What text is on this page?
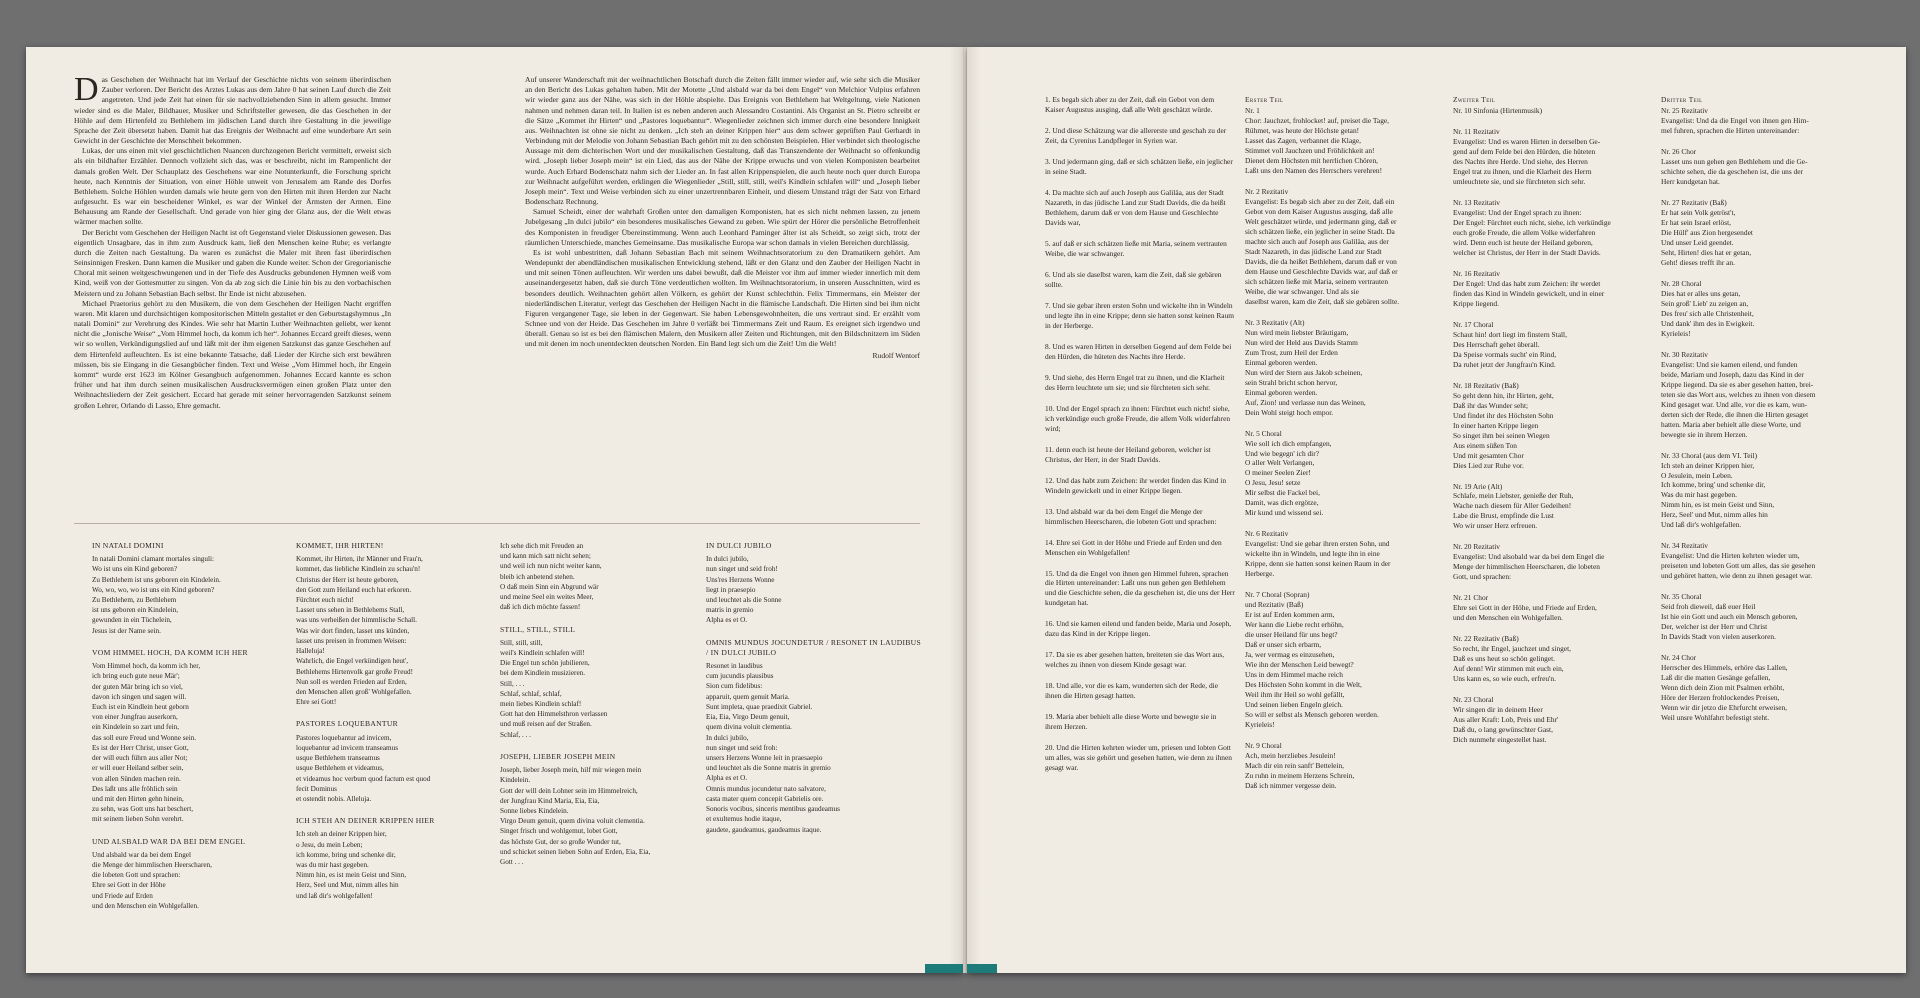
D as Geschehen der Weihnacht hat im Verlauf der Geschichte nichts von seinem überirdischen Zauber verloren. Der Bericht des Arztes Lukas aus dem Jahre 0 hat seinen Lauf durch die Zeit angetreten. Und jede Zeit hat einen für sie nachvollziehenden Sinn in allem gesucht. Immer wieder sind es die Maler, Bildhauer, Musiker und Schriftsteller gewesen, die das Geschehen in der Höhle auf dem Hirtenfeld zu Bethlehem im jüdischen Land durch ihre Gestaltung in die jeweilige Sprache der Zeit übersetzt haben. Damit hat das Ereignis der Weihnacht auf eine wunderbare Art sein Gewicht in der Geschichte der Menschheit bekommen.

Lukas, der uns einen mit viel geschichtlichen Nuancen durchzogenen Bericht vermittelt, erweist sich als ein bildhafter Erzähler. Dennoch vollzieht sich das, was er beschreibt, nicht im Rampenlicht der damals großen Welt. Der Schauplatz des Geschehens war eine Notunterkunft, die Forschung spricht heute, nach Kenntnis der Situation, von einer Höhle unweit von Jerusalem am Rande des Dorfes Bethlehem. Solche Höhlen wurden damals wie heute gern von den Hirten mit ihren Herden zur Nacht aufgesucht. Es war ein bescheidener Winkel, es war der Winkel der Ärmsten der Armen. Eine Behausung am Rande der Gesellschaft. Und gerade von hier ging der Glanz aus, der die Welt etwas wärmer machen sollte.

Der Bericht vom Geschehen der Heiligen Nacht ist oft Gegenstand vieler Diskussionen gewesen. Das eigentlich Unsagbare, das in ihm zum Ausdruck kam, ließ den Menschen keine Ruhe; es verlangte durch die Zeiten nach Gestaltung. Da waren es zunächst die Maler mit ihren fast überirdischen Seinsinnigen Fresken. Dann kamen die Musiker und gaben die Kunde weiter. Schon der Gregorianische Choral mit seinen weitgeschwungenen und in der Tiefe des Ausdrucks gebundenen Hymnen weiß vom Kind, weiß von der Gottesmutter zu singen. Von da ab zog sich die Linie hin bis zu den vorbachischen Meistern und zu Johann Sebastian Bach selbst. Ihr Ende ist nicht abzusehen.

Michael Praetorius gehört zu den Musikern, die von dem Geschehen der Heiligen Nacht ergriffen waren. Mit klaren und durchsichtigen kompositorischen Mitteln gestaltet er den Geburtstagshymnus „In natali Domini“ zur Verehrung des Kindes. Wie sehr hat Martin Luther Weihnachten geliebt, wer kennt nicht die „Jonische Weise“ „Vom Himmel hoch, da komm ich her“. Johannes Eccard greift dieses, wenn wir so wollen, Verkündigungslied auf und läßt mit der ihm eigenen Satzkunst das ganze Geschehen auf dem Hirtenfeld aufleuchten. Es ist eine bekannte Tatsache, daß Lieder der Kirche sich erst bewähren müssen, bis sie Eingang in die Gesangbücher finden. Text und Weise „Vom Himmel hoch, ihr Engein kommt“ wurde erst 1623 im Kölner Gesangbuch aufgenommen. Johannes Eccard kannte es schon früher und hat ihm durch seinen musikalischen Ausdrucksvermögen einen großen Platz unter den Weihnachtsliedern der Zeit gesichert. Eccard hat gerade mit seiner hervorragenden Satzkunst seinem großen Lehrer, Orlando di Lasso, Ehre gemacht.

Auf unserer Wanderschaft mit der weihnachtlichen Botschaft durch die Zeiten fällt immer wieder auf, wie sehr sich die Musiker an den Bericht des Lukas gehalten haben. Mit der Motette „Und alsbald war da bei dem Engel“ von Melchior Vulpius erfahren wir wieder ganz aus der Nähe, was sich in der Höhle abspielte. Das Ereignis von Bethlehem hat Weltgeltung, viele Nationen nahmen und nehmen daran teil. In Italien ist es neben anderen auch Alessandro Costantini. Als Organist an St. Pietro schreibt er die Sätze „Kommet ihr Hirten“ und „Pastores loquebantur“. Wiegenlieder zeichnen sich immer durch eine besondere Innigkeit aus. Weihnachten ist ohne sie nicht zu denken. „Ich steh an deiner Krippen hier“ aus dem schwer geprüften Paul Gerhardt in Verbindung mit der Melodie von Johann Sebastian Bach gehört mit zu den schönsten Beispielen. Hier verbindet sich theologische Aussage mit dem dichterischen Wort und der musikalischen Gestaltung, daß das Transzendente der Weihnacht so offenkundig wird. „Joseph lieber Joseph mein“ ist ein Lied, das aus der Nähe der Krippe erwuchs und von vielen Komponisten bearbeitet wurde. Auch Erhard Bodenschatz nahm sich der Lieder an. In fast allen Krippenspielen, die auch heute noch quer durch Europa zur Weihnacht aufgeführt werden, erklingen die Wiegenlieder „Still, still, still, weil's Kindlein schlafen will“ und „Joseph lieber Joseph mein“. Text und Weise verbinden sich zu einer unzertrennbaren Einheit, und diesem Umstand trägt der Satz von Erhard Bodenschatz Rechnung.

Samuel Scheidt, einer der wahrhaft Großen unter den damaligen Komponisten, hat es sich nicht nehmen lassen, zu jenem Jubelgesang „In dulci jubilo“ ein besonderes musikalisches Gewand zu geben. Wie spürt der Hörer die persönliche Betroffenheit des Komponisten in freudiger Übereinstimmung. Wenn auch Leonhard Paminger älter ist als Scheidt, so zeigt sich, trotz der räumlichen Unterschiede, manches Gemeinsame. Das musikalische Europa war schon damals in vielen Bereichen durchlässig.

Es ist wohl unbestritten, daß Johann Sebastian Bach mit seinem Weihnachtsoratorium zu den Dramatikern gehört. Am Wendepunkt der abendländischen musikalischen Entwicklung stehend, läßt er den Glanz und den Zauber der Heiligen Nacht in und mit seinen Tönen aufleuchten. Wir werden uns dabei bewußt, daß die Meister vor ihm auf immer wieder innerlich mit dem auseinandergesetzt haben, daß sie durch Töne verdeutlichen wollten. Im Weihnachtsoratorium, in unseren Ausschnitten, wird es besonders deutlich. Weihnachten gehört allen Völkern, es gehört der Kunst schlechthin. Felix Timmermans, ein Meister der niederländischen Literatur, verlegt das Geschehen der Heiligen Nacht in die flämische Landschaft. Die Hirten sind bei ihm nicht Figuren vergangener Tage, sie leben in der Gegenwart. Sie haben Lebensgewohnheiten, die uns vertraut sind. Er erzählt vom Schnee und von der Heide. Das Geschehen im Jahre 0 verläßt bei Timmermans Zeit und Raum. Es ereignet sich irgendwo und überall. Genau so ist es bei den flämischen Malern, den Musikern aller Zeiten und Richtungen, mit den Bildschnitzern im Süden und mit denen im noch unentdeckten deutschen Norden. Ein Band legt sich um die Zeit! Um die Welt!

Rudolf Wentorf
IN NATALI DOMINI
In natali Domini clamant mortales singuli:
Wo ist uns ein Kind geboren?
Zu Bethlehem ist uns geboren ein Kindelein.
Wo, wo, wo, wo ist uns ein Kind geboren?
Zu Bethlehem, zu Bethlehem
ist uns geboren ein Kindelein,
gewunden in ein Tüchelein,
Jesus ist der Name sein.
VOM HIMMEL HOCH, DA KOMM ICH HER
Vom Himmel hoch, da komm ich her,
ich bring euch gute neue Mär';
der guten Mär bring ich so viel,
davon ich singen und sagen will.
Euch ist ein Kindlein heut geborn
von einer Jungfrau auserkorn,
ein Kindelein so zart und fein,
das soll eure Freud und Wonne sein.
Es ist der Herr Christ, unser Gott,
der will euch führn aus aller Not;
er will euer Heiland selber sein,
von allen Sünden machen rein.
Des laßt uns alle fröhlich sein
und mit den Hirten gehn hinein,
zu sehn, was Gott uns hat beschert,
mit seinem lieben Sohn verehrt.
UND ALSBALD WAR DA BEI DEM ENGEL
Und alsbald war da bei dem Engel
die Menge der himmlischen Heerscharen,
die lobeten Gott und sprachen:
Ehre sei Gott in der Höhe
und Friede auf Erden
und den Menschen ein Wohlgefallen.
KOMMET, IHR HIRTEN!
Kommet, ihr Hirten, ihr Männer und Frau'n,
kommet, das liebliche Kindlein zu schau'n!
Christus der Herr ist heute geboren,
den Gott zum Heiland euch hat erkoren.
Fürchtet euch nicht!
Lasset uns sehen in Bethlehems Stall,
was uns verheißen der himmlische Schall.
Was wir dort finden, lasset uns künden,
lasset uns preisen in frommen Weisen:
Halleluja!
Wahrlich, die Engel verkündigen heut',
Bethlehems Hirtenvolk gar große Freud!
Nun soll es werden Frieden auf Erden,
den Menschen allen groß' Wohlgefallen.
Ehre sei Gott!
PASTORES LOQUEBANTUR
Pastores loquebantur ad invicem,
loquebantur ad invicem transeamus
usque Bethlehem transeamus
usque Bethlehem et videamus,
et videamus hoc verbum quod factum est quod
fecit Dominus
et ostendit nobis. Alleluja.
ICH STEH AN DEINER KRIPPEN HIER
Ich steh an deiner Krippen hier,
o Jesu, du mein Leben;
ich komme, bring und schenke dir,
was du mir hast gegeben.
Nimm hin, es ist mein Geist und Sinn,
Herz, Seel und Mut, nimm alles hin
und laß dir's wohlgefallen!
Ich sehe dich mit Freuden an
und kann mich satt nicht sehen;
und weil ich nun nicht weiter kann,
bleib ich anbetend stehen.
O daß mein Sinn ein Abgrund wär
und meine Seel ein weites Meer,
daß ich dich möchte fassen!
STILL, STILL, STILL
Still, still, still,
weil's Kindlein schlafen will!
Die Engel tun schön jubilieren,
bei dem Kindlein musizieren.
Still, . . .
Schlaf, schlaf, schlaf,
mein liebes Kindlein schlaf!
Gott hat den Himmelsthron verlassen
und muß reisen auf der Straßen.
Schlaf, . . .
JOSEPH, LIEBER JOSEPH MEIN
Joseph, lieber Joseph mein, hilf mir wiegen mein
Kindelein.
Gott der will dein Lohner sein im Himmelreich,
der Jungfrau Kind Maria, Eia, Eia,
Sonne liebes Kindelein.
Virgo Deum genuit, quem divina voluit clementia.
Singet frisch und wohlgemut, lobet Gott,
das höchste Gut, der so große Wunder tut,
und schicket seinen lieben Sohn auf Erden, Eia, Eia,
Gott . . .
IN DULCI JUBILO
In dulci jubilo,
nun singet und seid froh!
Uns'res Herzens Wonne
liegt in praesepio
und leuchtet als die Sonne
matris in gremio
Alpha es et O.
OMNIS MUNDUS JOCUNDETUR / RESONET IN LAUDIBUS / IN DULCI JUBILO
Resonet in laudibus
cum jucundis plausibus
Sion cum fidelibus:
apparuit, quem genuit Maria.
Sunt impleta, quae praedixit Gabriel.
Eia, Eia, Virgo Deum genuit,
quem divina voluit clementia.
In dulci jubilo,
nun singet und seid froh:
unsers Herzens Wonne leit in praesaepio
und leuchtet als die Sonne matris in gremio
Alpha es et O.
Omnis mundus jocundetur nato salvatore,
casta mater quem concepit Gabrielis ore.
Sonoris vocibus, sinceris mentibus gaudeamus
et exultemus hodie itaque,
gaudete, gaudeamus, gaudeamus itaque.
1. Es begab sich aber zu der Zeit, daß ein Gebot von dem Kaiser Augustus ausging, daß alle Welt geschätzt würde.
2. Und diese Schätzung war die allererste und geschah zu der Zeit, da Cyrenius Landpfleger in Syrien war.
3. Und jedermann ging, daß er sich schätzen ließe, ein jeglicher in seine Stadt.
4. Da machte sich auf auch Joseph aus Galiläa, aus der Stadt Nazareth, in das jüdische Land zur Stadt Davids, die da heißt Bethlehem, darum daß er von dem Hause und Geschlechte Davids war,
5. auf daß er sich schätzen ließe mit Maria, seinem vertrauten Weibe, die war schwanger.
6. Und als sie daselbst waren, kam die Zeit, daß sie gebären sollte.
7. Und sie gebar ihren ersten Sohn und wickelte ihn in Windeln und legte ihn in eine Krippe; denn sie hatten sonst keinen Raum in der Herberge.
8. Und es waren Hirten in derselben Gegend auf dem Felde bei den Hürden, die hüteten des Nachts ihre Herde.
9. Und siehe, des Herrn Engel trat zu ihnen, und die Klarheit des Herrn leuchtete um sie; und sie fürchteten sich sehr.
10. Und der Engel sprach zu ihnen: Fürchtet euch nicht! siehe, ich verkündige euch große Freude, die allem Volk widerfahren wird;
11. denn euch ist heute der Heiland geboren, welcher ist Christus, der Herr, in der Stadt Davids.
12. Und das habt zum Zeichen: ihr werdet finden das Kind in Windeln gewickelt und in einer Krippe liegen.
13. Und alsbald war da bei dem Engel die Menge der himmlischen Heerscharen, die lobeten Gott und sprachen:
14. Ehre sei Gott in der Höhe und Friede auf Erden und den Menschen ein Wohlgefallen!
15. Und da die Engel von ihnen gen Himmel fuhren, sprachen die Hirten untereinander: Laßt uns nun gehen gen Bethlehem und die Geschichte sehen, die da geschehen ist, die uns der Herr kundgetan hat.
16. Und sie kamen eilend und fanden beide, Maria und Joseph, dazu das Kind in der Krippe liegen.
17. Da sie es aber gesehen hatten, breiteten sie das Wort aus, welches zu ihnen von diesem Kinde gesagt war.
18. Und alle, vor die es kam, wunderten sich der Rede, die ihnen die Hirten gesagt hatten.
19. Maria aber behielt alle diese Worte und bewegte sie in ihrem Herzen.
20. Und die Hirten kehrten wieder um, priesen und lobten Gott um alles, was sie gehört und gesehen hatten, wie denn zu ihnen gesagt war.
Erster Teil
Nr. 1
Chor: Jauchzet, frohlocket! auf, preiset die Tage,
Rühmet, was heute der Höchste getan!
Lasset das Zagen, verbannet die Klage,
Stimmet voll Jauchzen und Fröhlichkeit an!
Dienet dem Höchsten mit herrlichen Chören,
Laßt uns den Namen des Herrschers verehren!
Nr. 2 Rezitativ
Evangelist: Es begab sich aber zu der Zeit, daß ein
Gebot von dem Kaiser Augustus ausging, daß alle
Welt geschätzet würde, und jedermann ging, daß er
sich schätzen ließe, ein jeglicher in seine Stadt. Da
machte sich auch auf Joseph aus Galiläa, aus der
Stadt Nazareth, in das jüdische Land zur Stadt
Davids, die da heißet Bethlehem, darum daß er von
dem Hause und Geschlechte Davids war, auf daß er
sich schätzen ließe mit Maria, seinem vertrauten
Weibe, die war schwanger. Und als sie
daselbst waren, kam die Zeit, daß sie gebären sollte.
Nr. 3 Rezitativ (Alt)
Nun wird mein liebster Bräutigam,
Nun wird der Held aus Davids Stamm
Zum Trost, zum Heil der Erden
Einmal geboren werden.
Nun wird der Stern aus Jakob scheinen,
sein Strahl bricht schon hervor,
Einmal geboren werden.
Auf, Zion! und verlasse nun das Weinen,
Dein Wohl steigt hoch empor.
Nr. 5 Choral
Wie soll ich dich empfangen,
Und wie begegn' ich dir?
O aller Welt Verlangen,
O meiner Seelen Zier!
O Jesu, Jesu! setze
Mir selbst die Fackel bei,
Damit, was dich ergötze,
Mir kund und wissend sei.
Nr. 6 Rezitativ
Evangelist: Und sie gebar ihren ersten Sohn, und
wickelte ihn in Windeln, und legte ihn in eine
Krippe, denn sie hatten sonst keinen Raum in der
Herberge.
Nr. 7 Choral (Sopran)
und Rezitativ (Baß)
Er ist auf Erden kommen arm,
Wer kann die Liebe recht erhöhn,
die unser Heiland für uns hegt?
Daß er unser sich erbarm,
Ja, wer vermag es einzusehen,
Wie ihn der Menschen Leid bewegt?
Uns in dem Himmel mache reich
Des Höchsten Sohn kommt in die Welt,
Weil ihm ihr Heil so wohl gefällt,
Und seinen lieben Engeln gleich.
So will er selbst als Mensch geboren werden.
Kyrieleis!
Nr. 9 Choral
Ach, mein herzliebes Jesulein!
Mach dir ein rein sanft' Bettelein,
Zu ruhn in meinem Herzens Schrein,
Daß ich nimmer vergesse dein.
Zweiter Teil
Nr. 10 Sinfonia (Hirtenmusik)
Nr. 11 Rezitativ
Evangelist: Und es waren Hirten in derselben Ge-
gend auf dem Felde bei den Hürden, die hüteten
des Nachts ihre Herde. Und siehe, des Herren
Engel trat zu ihnen, und die Klarheit des Herrn
umleuchtete sie, und sie fürchteten sich sehr.
Nr. 13 Rezitativ
Evangelist: Und der Engel sprach zu ihnen:
Der Engel: Fürchtet euch nicht, siehe, ich verkündige
euch große Freude, die allem Volke widerfahren
wird. Denn euch ist heute der Heiland geboren,
welcher ist Christus, der Herr in der Stadt Davids.
Nr. 16 Rezitativ
Der Engel: Und das habt zum Zeichen: ihr werdet
finden das Kind in Windeln gewickelt, und in einer
Krippe liegend.
Nr. 17 Choral
Schaut hin! dort liegt im finstern Stall,
Des Herrschaft gehet überall.
Da Speise vormals sucht' ein Rind,
Da ruhet jetzt der Jungfrau'n Kind.
Nr. 18 Rezitativ (Baß)
So geht denn hin, ihr Hirten, geht,
Daß ihr das Wunder seht;
Und findet ihr des Höchsten Sohn
In einer harten Krippe liegen
So singet ihm bei seinen Wiegen
Aus einem süßen Ton
Und mit gesamten Chor
Dies Lied zur Ruhe vor.
Nr. 19 Arie (Alt)
Schlafe, mein Liebster, genieße der Ruh,
Wache nach diesem für Aller Gedeihen!
Labe die Brust, empfinde die Lust
Wo wir unser Herz erfreuen.
Nr. 20 Rezitativ
Evangelist: Und alsobald war da bei dem Engel die
Menge der himmlischen Heerscharen, die lobeten
Gott, und sprachen:
Nr. 21 Chor
Ehre sei Gott in der Höhe, und Friede auf Erden,
und den Menschen ein Wohlgefallen.
Nr. 22 Rezitativ (Baß)
So recht, ihr Engel, jauchzet und singet,
Daß es uns heut so schön gelinget.
Auf denn! Wir stimmen mit euch ein,
Uns kann es, so wie euch, erfreu'n.
Nr. 23 Choral
Wir singen dir in deinem Heer
Aus aller Kraft: Lob, Preis und Ehr'
Daß du, o lang gewünschter Gast,
Dich nunmehr eingestellet hast.
Dritter Teil
Nr. 25 Rezitativ
Evangelist: Und da die Engel von ihnen gen Him-
mel fuhren, sprachen die Hirten untereinander:
Nr. 26 Chor
Lasset uns nun gehen gen Bethlehem und die Ge-
schichte sehen, die da geschehen ist, die uns der
Herr kundgetan hat.
Nr. 27 Rezitativ (Baß)
Er hat sein Volk getröst't,
Er hat sein Israel erlöst,
Die Hülf' aus Zion hergesendet
Und unser Leid geendet.
Seht, Hirten! dies hat er getan,
Geht! dieses trefft ihr an.
Nr. 28 Choral
Dies hat er alles uns getan,
Sein groß' Lieb' zu zeigen an,
Des freu' sich alle Christenheit,
Und dank' ihm des in Ewigkeit.
Kyrieleis!
Nr. 30 Rezitativ
Evangelist: Und sie kamen eilend, und funden
beide, Mariam und Joseph, dazu das Kind in der
Krippe liegend. Da sie es aber gesehen hatten, brei-
teten sie das Wort aus, welches zu ihnen von diesem
Kind gesaget war. Und alle, vor die es kam, wun-
derten sich der Rede, die ihnen die Hirten gesaget
hatten. Maria aber behielt alle diese Worte, und
bewegte sie in ihrem Herzen.
Nr. 33 Choral (aus dem VI. Teil)
Ich steh an deiner Krippen hier,
O Jesulein, mein Leben.
Ich komme, bring' und schenke dir,
Was du mir hast gegeben.
Nimm hin, es ist mein Geist und Sinn,
Herz, Seel' und Mut, nimm alles hin
Und laß dir's wohlgefallen.
Nr. 34 Rezitativ
Evangelist: Und die Hirten kehrten wieder um,
preiseten und lobeten Gott um alles, das sie gesehen
und gehöret hatten, wie denn zu ihnen gesaget war.
Nr. 35 Choral
Seid froh dieweil, daß euer Heil
Ist hie ein Gott und auch ein Mensch geboren,
Der, welcher ist der Herr und Christ
In Davids Stadt von vielen auserkoren.
Nr. 24 Chor
Herrscher des Himmels, erhöre das Lallen,
Laß dir die matten Gesänge gefallen,
Wenn dich dein Zion mit Psalmen erhöht,
Höre der Herzen frohlockendes Preisen,
Wenn wir dir jetzo die Ehrfurcht erweisen,
Weil unsre Wohlfahrt befestigt steht.
